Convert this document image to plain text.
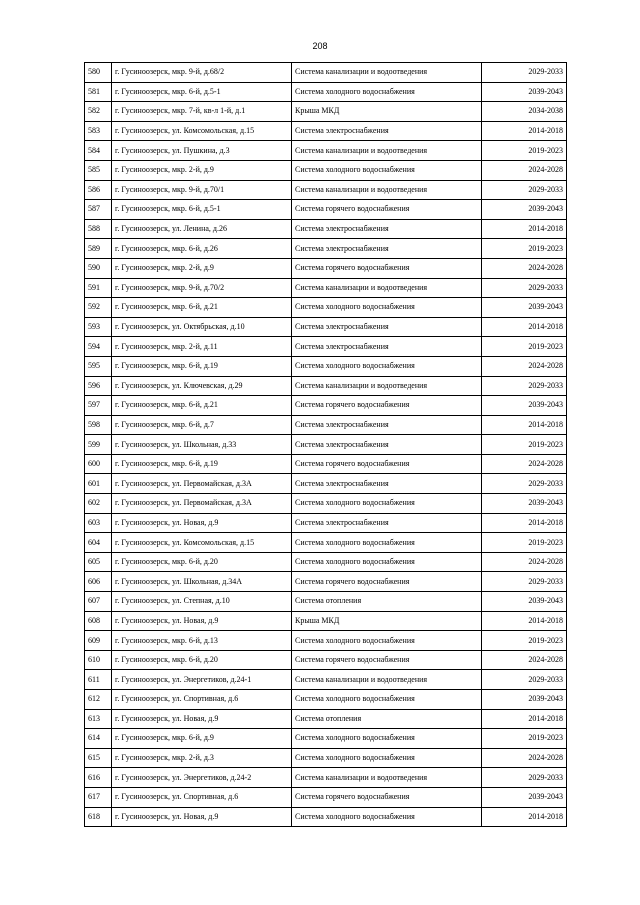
208
580	г. Гусиноозерск, мкр. 9-й, д.68/2	Система канализации и водоотведения	2029-2033
581	г. Гусиноозерск, мкр. 6-й, д.5-1	Система холодного водоснабжения	2039-2043
582	г. Гусиноозерск, мкр. 7-й, кв-л 1-й, д.1	Крыша МКД	2034-2038
583	г. Гусиноозерск, ул. Комсомольская, д.15	Система электроснабжения	2014-2018
584	г. Гусиноозерск, ул. Пушкина, д.3	Система канализации и водоотведения	2019-2023
585	г. Гусиноозерск, мкр. 2-й, д.9	Система холодного водоснабжения	2024-2028
586	г. Гусиноозерск, мкр. 9-й, д.70/1	Система канализации и водоотведения	2029-2033
587	г. Гусиноозерск, мкр. 6-й, д.5-1	Система горячего водоснабжения	2039-2043
588	г. Гусиноозерск, ул. Ленина, д.26	Система электроснабжения	2014-2018
589	г. Гусиноозерск, мкр. 6-й, д.26	Система электроснабжения	2019-2023
590	г. Гусиноозерск, мкр. 2-й, д.9	Система горячего водоснабжения	2024-2028
591	г. Гусиноозерск, мкр. 9-й, д.70/2	Система канализации и водоотведения	2029-2033
592	г. Гусиноозерск, мкр. 6-й, д.21	Система холодного водоснабжения	2039-2043
593	г. Гусиноозерск, ул. Октябрьская, д.10	Система электроснабжения	2014-2018
594	г. Гусиноозерск, мкр. 2-й, д.11	Система электроснабжения	2019-2023
595	г. Гусиноозерск, мкр. 6-й, д.19	Система холодного водоснабжения	2024-2028
596	г. Гусиноозерск, ул. Ключевская, д.29	Система канализации и водоотведения	2029-2033
597	г. Гусиноозерск, мкр. 6-й, д.21	Система горячего водоснабжения	2039-2043
598	г. Гусиноозерск, мкр. 6-й, д.7	Система электроснабжения	2014-2018
599	г. Гусиноозерск, ул. Школьная, д.33	Система электроснабжения	2019-2023
600	г. Гусиноозерск, мкр. 6-й, д.19	Система горячего водоснабжения	2024-2028
601	г. Гусиноозерск, ул. Первомайская, д.3А	Система электроснабжения	2029-2033
602	г. Гусиноозерск, ул. Первомайская, д.3А	Система холодного водоснабжения	2039-2043
603	г. Гусиноозерск, ул. Новая, д.9	Система электроснабжения	2014-2018
604	г. Гусиноозерск, ул. Комсомольская, д.15	Система холодного водоснабжения	2019-2023
605	г. Гусиноозерск, мкр. 6-й, д.20	Система холодного водоснабжения	2024-2028
606	г. Гусиноозерск, ул. Школьная, д.34А	Система горячего водоснабжения	2029-2033
607	г. Гусиноозерск, ул. Степная, д.10	Система отопления	2039-2043
608	г. Гусиноозерск, ул. Новая, д.9	Крыша МКД	2014-2018
609	г. Гусиноозерск, мкр. 6-й, д.13	Система холодного водоснабжения	2019-2023
610	г. Гусиноозерск, мкр. 6-й, д.20	Система горячего водоснабжения	2024-2028
611	г. Гусиноозерск, ул. Энергетиков, д.24-1	Система канализации и водоотведения	2029-2033
612	г. Гусиноозерск, ул. Спортивная, д.6	Система холодного водоснабжения	2039-2043
613	г. Гусиноозерск, ул. Новая, д.9	Система отопления	2014-2018
614	г. Гусиноозерск, мкр. 6-й, д.9	Система холодного водоснабжения	2019-2023
615	г. Гусиноозерск, мкр. 2-й, д.3	Система холодного водоснабжения	2024-2028
616	г. Гусиноозерск, ул. Энергетиков, д.24-2	Система канализации и водоотведения	2029-2033
617	г. Гусиноозерск, ул. Спортивная, д.6	Система горячего водоснабжения	2039-2043
618	г. Гусиноозерск, ул. Новая, д.9	Система холодного водоснабжения	2014-2018
